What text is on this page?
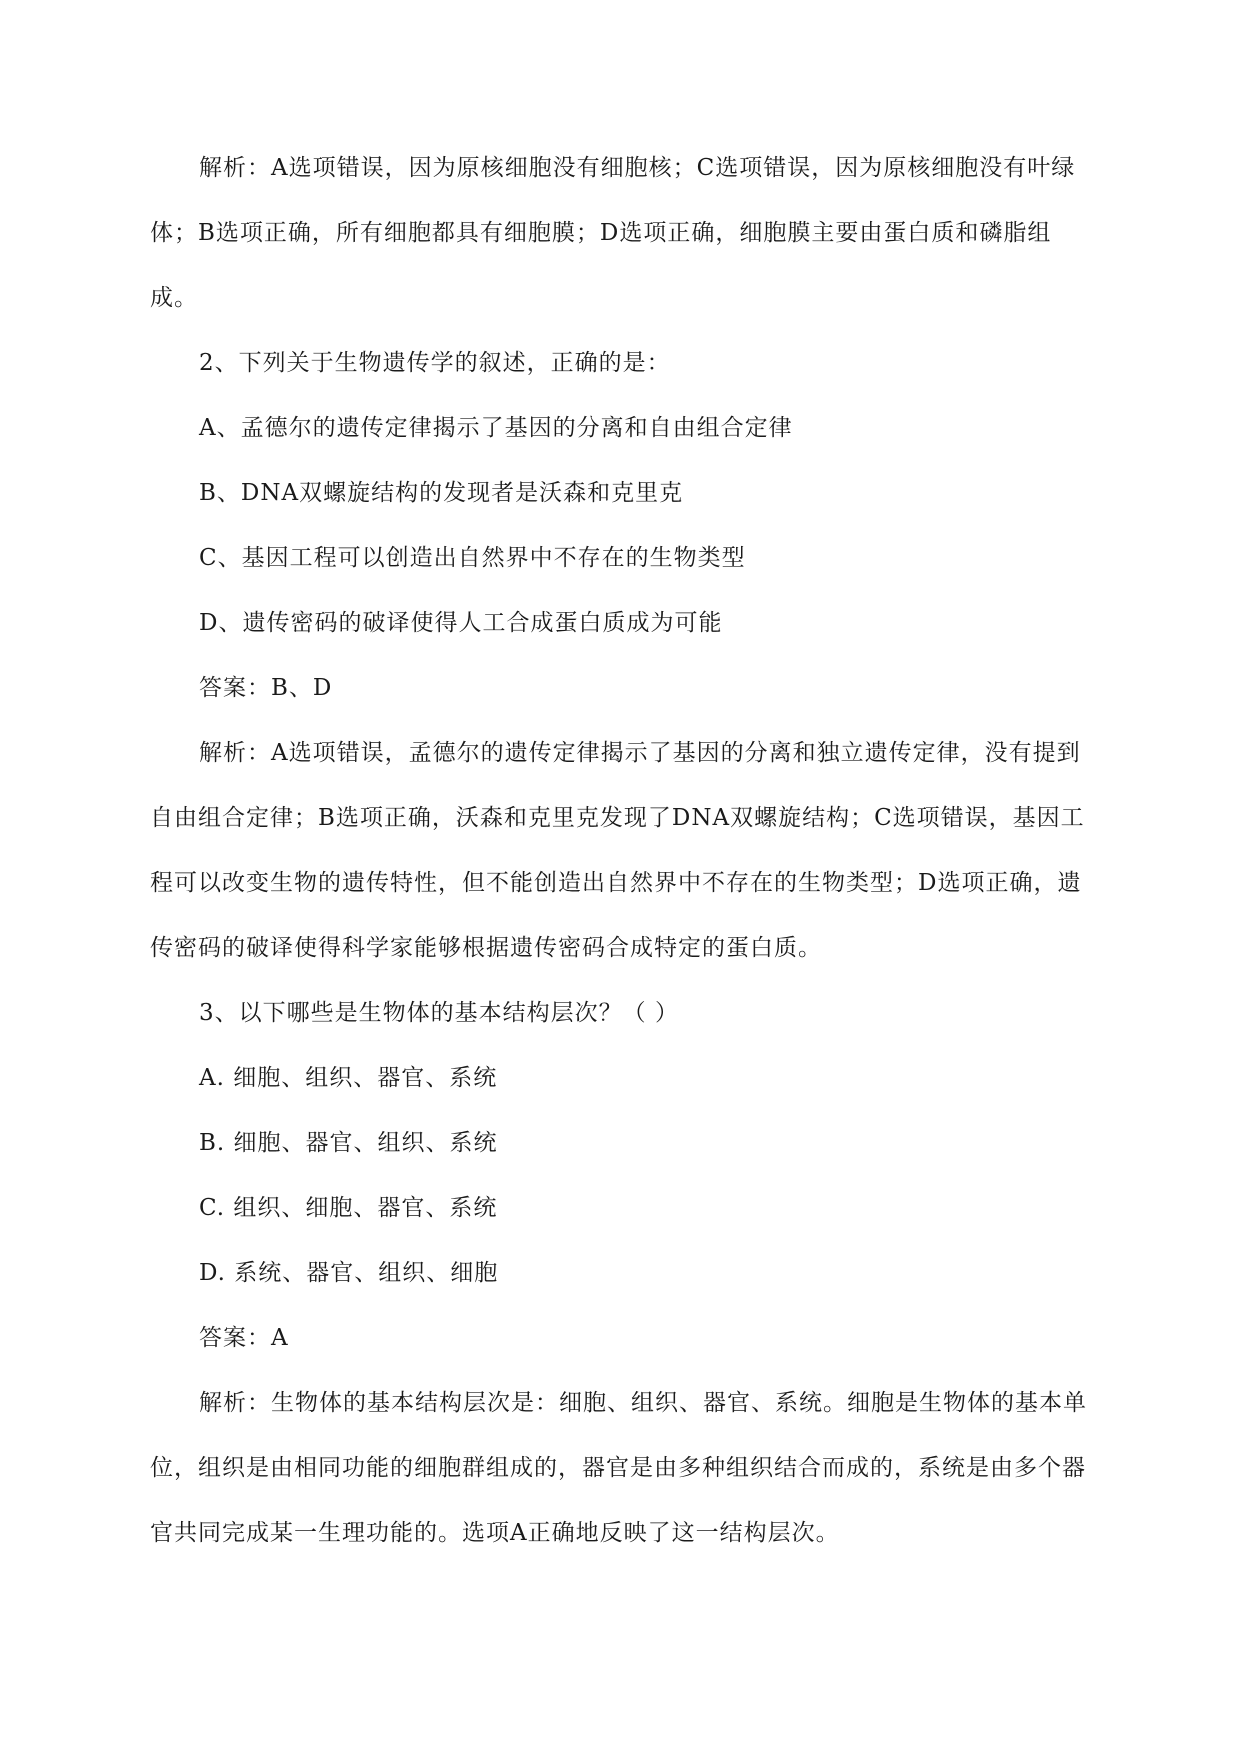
解析：A选项错误，因为原核细胞没有细胞核；C选项错误，因为原核细胞没有叶绿体；B选项正确，所有细胞都具有细胞膜；D选项正确，细胞膜主要由蛋白质和磷脂组成。

2、下列关于生物遗传学的叙述，正确的是：

A、孟德尔的遗传定律揭示了基因的分离和自由组合定律

B、DNA双螺旋结构的发现者是沃森和克里克

C、基因工程可以创造出自然界中不存在的生物类型

D、遗传密码的破译使得人工合成蛋白质成为可能

答案：B、D

解析：A选项错误，孟德尔的遗传定律揭示了基因的分离和独立遗传定律，没有提到自由组合定律；B选项正确，沃森和克里克发现了DNA双螺旋结构；C选项错误，基因工程可以改变生物的遗传特性，但不能创造出自然界中不存在的生物类型；D选项正确，遗传密码的破译使得科学家能够根据遗传密码合成特定的蛋白质。

3、以下哪些是生物体的基本结构层次？（ ）

A. 细胞、组织、器官、系统

B. 细胞、器官、组织、系统

C. 组织、细胞、器官、系统

D. 系统、器官、组织、细胞

答案：A

解析：生物体的基本结构层次是：细胞、组织、器官、系统。细胞是生物体的基本单位，组织是由相同功能的细胞群组成的，器官是由多种组织结合而成的，系统是由多个器官共同完成某一生理功能的。选项A正确地反映了这一结构层次。
